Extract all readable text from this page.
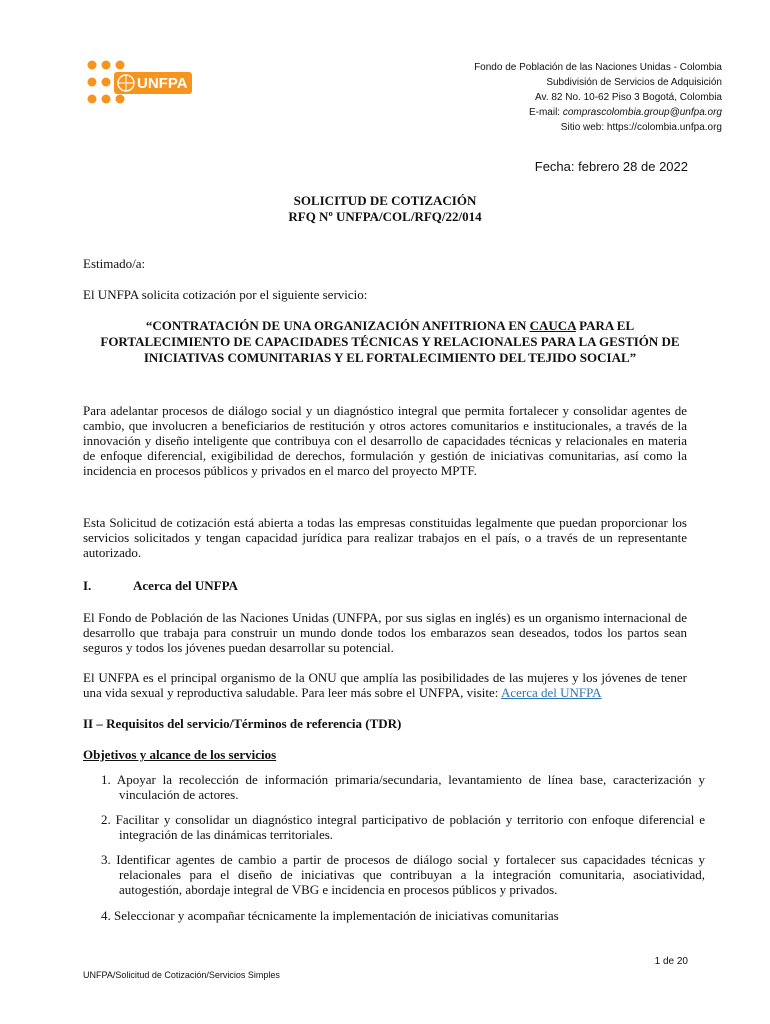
UNFPA
Fondo de Población de las Naciones Unidas - Colombia
Subdivisión de Servicios de Adquisición
Av. 82 No. 10-62 Piso 3 Bogotá, Colombia
E-mail: comprascolombia.group@unfpa.org
Sitio web: https://colombia.unfpa.org
Fecha: febrero 28 de 2022
SOLICITUD DE COTIZACIÓN
RFQ Nº UNFPA/COL/RFQ/22/014

Estimado/a:

El UNFPA solicita cotización por el siguiente servicio:

“CONTRATACIÓN DE UNA ORGANIZACIÓN ANFITRIONA EN CAUCA PARA EL FORTALECIMIENTO DE CAPACIDADES TÉCNICAS Y RELACIONALES PARA LA GESTIÓN DE INICIATIVAS COMUNITARIAS Y EL FORTALECIMIENTO DEL TEJIDO SOCIAL”

Para adelantar procesos de diálogo social y un diagnóstico integral que permita fortalecer y consolidar agentes de cambio, que involucren a beneficiarios de restitución y otros actores comunitarios e institucionales, a través de la innovación y diseño inteligente que contribuya con el desarrollo de capacidades técnicas y relacionales en materia de enfoque diferencial, exigibilidad de derechos, formulación y gestión de iniciativas comunitarias, así como la incidencia en procesos públicos y privados en el marco del proyecto MPTF.

Esta Solicitud de cotización está abierta a todas las empresas constituidas legalmente que puedan proporcionar los servicios solicitados y tengan capacidad jurídica para realizar trabajos en el país, o a través de un representante autorizado.

I.	Acerca del UNFPA

El Fondo de Población de las Naciones Unidas (UNFPA, por sus siglas en inglés) es un organismo internacional de desarrollo que trabaja para construir un mundo donde todos los embarazos sean deseados, todos los partos sean seguros y todos los jóvenes puedan desarrollar su potencial.

El UNFPA es el principal organismo de la ONU que amplía las posibilidades de las mujeres y los jóvenes de tener una vida sexual y reproductiva saludable. Para leer más sobre el UNFPA, visite: Acerca del UNFPA

II – Requisitos del servicio/Términos de referencia (TDR)
Objetivos y alcance de los servicios

1. Apoyar la recolección de información primaria/secundaria, levantamiento de línea base, caracterización y vinculación de actores.

2. Facilitar y consolidar un diagnóstico integral participativo de población y territorio con enfoque diferencial e integración de las dinámicas territoriales.

3. Identificar agentes de cambio a partir de procesos de diálogo social y fortalecer sus capacidades técnicas y relacionales para el diseño de iniciativas que contribuyan a la integración comunitaria, asociatividad, autogestión, abordaje integral de VBG e incidencia en procesos públicos y privados.

4. Seleccionar y acompañar técnicamente la implementación de iniciativas comunitarias

1 de 20
UNFPA/Solicitud de Cotización/Servicios Simples
